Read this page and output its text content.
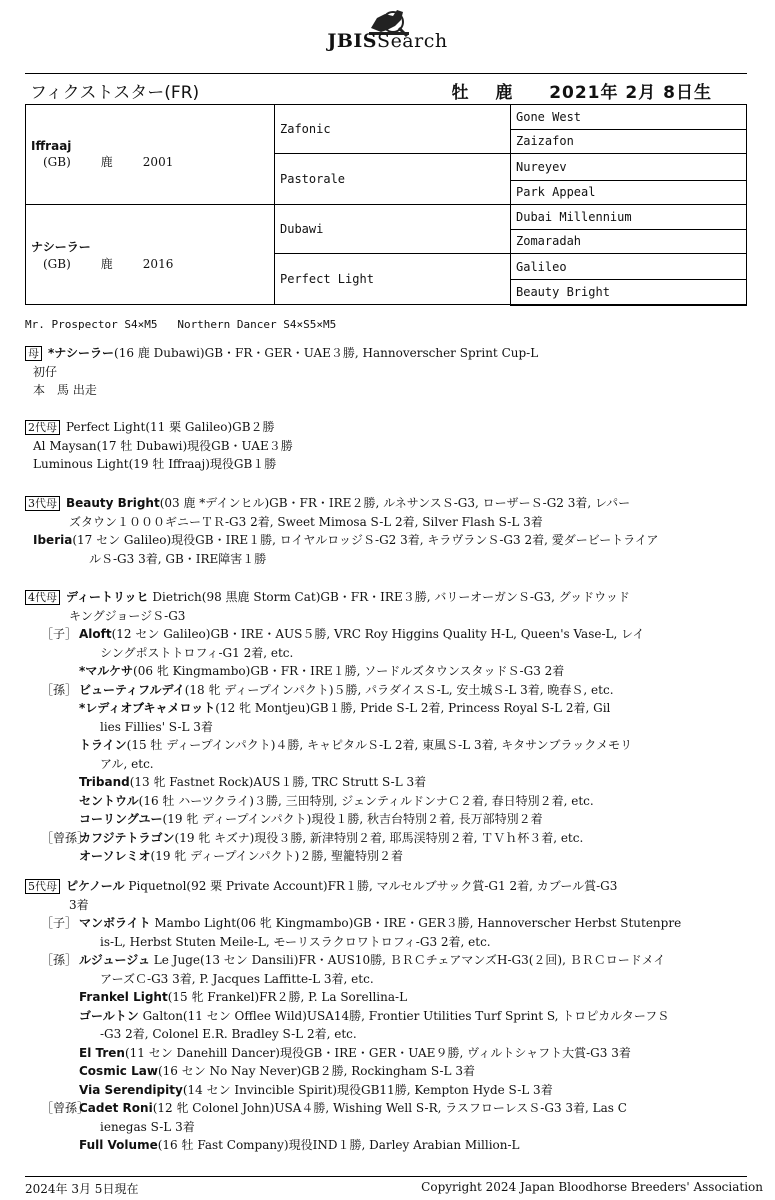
JBISSearch
フィクストスター(FR)	牡 鹿 2021年 2月 8日生
Iffraaj
(GB) 鹿 2001	Zafonic	Gone West
		Zaizafon
	Pastorale	Nureyev
		Park Appeal

ナシーラー
(GB) 鹿 2016	Dubawi	Dubai Millennium
		Zomaradah
	Perfect Light	Galileo
		Beauty Bright
Mr. Prospector S4×M5   Northern Dancer S4×S5×M5
母 *ナシーラー(16 鹿 Dubawi)GB・FR・GER・UAE３勝, Hannoverscher Sprint Cup-L
初仔
本　馬 出走
2代母 Perfect Light(11 栗 Galileo)GB２勝
Al Maysan(17 牡 Dubawi)現役GB・UAE３勝
Luminous Light(19 牡 Iffraaj)現役GB１勝
3代母 Beauty Bright(03 鹿 *デインヒル)GB・FR・IRE２勝, ルネサンスＳ-G3, ローザーＳ-G2 3着, レパー
ズタウン１０００ギニーＴＲ-G3 2着, Sweet Mimosa S-L 2着, Silver Flash S-L 3着
Iberia(17 セン Galileo)現役GB・IRE１勝, ロイヤルロッジＳ-G2 3着, キラヴランＳ-G3 2着, 愛ダービートライア
ルＳ-G3 3着, GB・IRE障害１勝
4代母 ディートリッヒ Dietrich(98 黒鹿 Storm Cat)GB・FR・IRE３勝, バリーオーガンＳ-G3, グッドウッド
キングジョージＳ-G3
［子］ Aloft(12 セン Galileo)GB・IRE・AUS５勝, VRC Roy Higgins Quality H-L, Queen's Vase-L, レイ
シングポストトロフィ-G1 2着, etc.
*マルケサ(06 牝 Kingmambo)GB・FR・IRE１勝, ソードルズタウンスタッドＳ-G3 2着
［孫］ ビューティフルデイ(18 牝 ディープインパクト)５勝, パラダイスＳ-L, 安土城Ｓ-L 3着, 晩春Ｓ, etc.
*レディオブキャメロット(12 牝 Montjeu)GB１勝, Pride S-L 2着, Princess Royal S-L 2着, Gil
lies Fillies' S-L 3着
トライン(15 牡 ディープインパクト)４勝, キャピタルＳ-L 2着, 東風Ｓ-L 3着, キタサンブラックメモリ
アル, etc.
Triband(13 牝 Fastnet Rock)AUS１勝, TRC Strutt S-L 3着
セントウル(16 牡 ハーツクライ)３勝, 三田特別, ジェンティルドンナＣ２着, 春日特別２着, etc.
コーリングユー(19 牝 ディープインパクト)現役１勝, 秋吉台特別２着, 長万部特別２着
［曾孫］カフジテトラゴン(19 牝 キズナ)現役３勝, 新津特別２着, 耶馬渓特別２着, ＴＶｈ杯３着, etc.
オーソレミオ(19 牝 ディープインパクト)２勝, 聖籠特別２着
5代母 ピケノール Piquetnol(92 栗 Private Account)FR１勝, マルセルブサック賞-G1 2着, カブール賞-G3
3着
［子］ マンボライト Mambo Light(06 牝 Kingmambo)GB・IRE・GER３勝, Hannoverscher Herbst Stutenpre
is-L, Herbst Stuten Meile-L, モーリスラクロワトロフィ-G3 2着, etc.
［孫］ ルジュージュ Le Juge(13 セン Dansili)FR・AUS10勝, ＢＲＣチェアマンズH-G3(２回), ＢＲＣロードメイ
アーズＣ-G3 3着, P. Jacques Laffitte-L 3着, etc.
Frankel Light(15 牝 Frankel)FR２勝, P. La Sorellina-L
ゴールトン Galton(11 セン Offlee Wild)USA14勝, Frontier Utilities Turf Sprint S, トロピカルターフＳ
-G3 2着, Colonel E.R. Bradley S-L 2着, etc.
El Tren(11 セン Danehill Dancer)現役GB・IRE・GER・UAE９勝, ヴィルトシャフト大賞-G3 3着
Cosmic Law(16 セン No Nay Never)GB２勝, Rockingham S-L 3着
Via Serendipity(14 セン Invincible Spirit)現役GB11勝, Kempton Hyde S-L 3着
［曾孫］Cadet Roni(12 牝 Colonel John)USA４勝, Wishing Well S-R, ラスフローレスＳ-G3 3着, Las C
ienegas S-L 3着
Full Volume(16 牡 Fast Company)現役IND１勝, Darley Arabian Million-L
2024年 3月 5日現在	Copyright 2024 Japan Bloodhorse Breeders' Association
